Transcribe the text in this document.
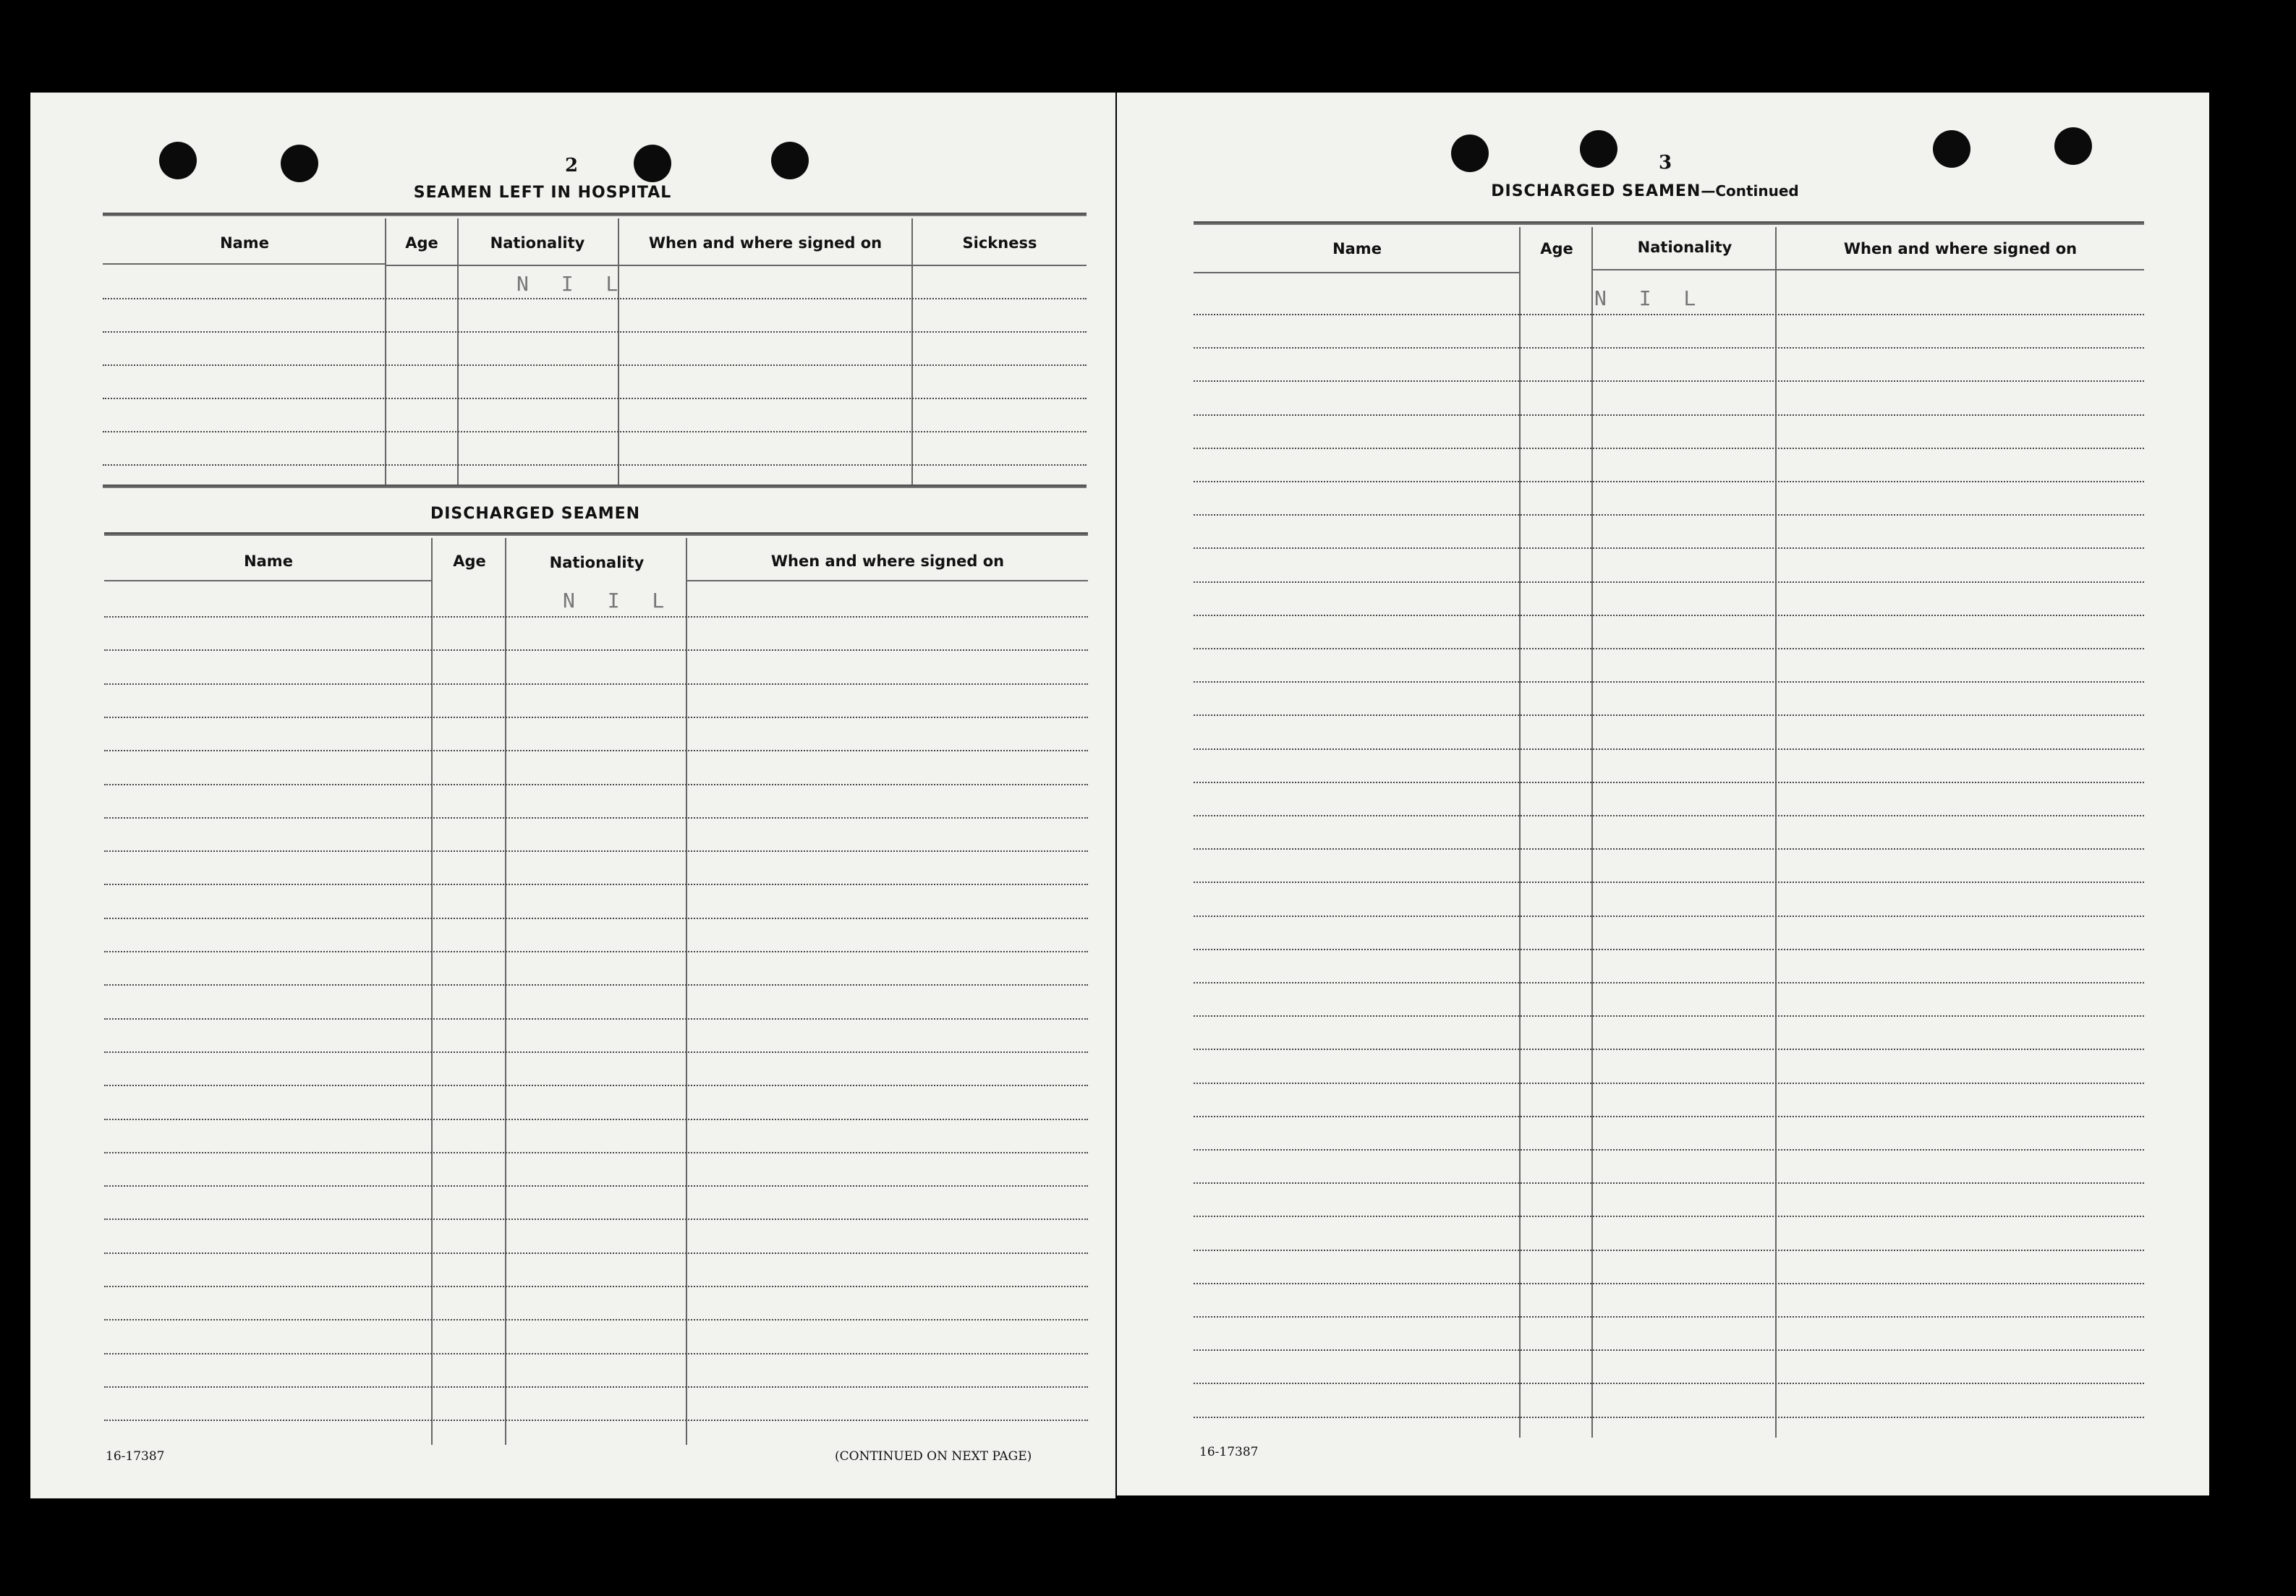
2
SEAMEN LEFT IN HOSPITAL
Name	Age	Nationality	When and where signed on	Sickness
N I L
DISCHARGED SEAMEN
Name	Age	Nationality	When and where signed on
N I L
16-17387	(CONTINUED ON NEXT PAGE)
3
DISCHARGED SEAMEN—Continued
Name	Age	Nationality	When and where signed on
N I L
16-17387
